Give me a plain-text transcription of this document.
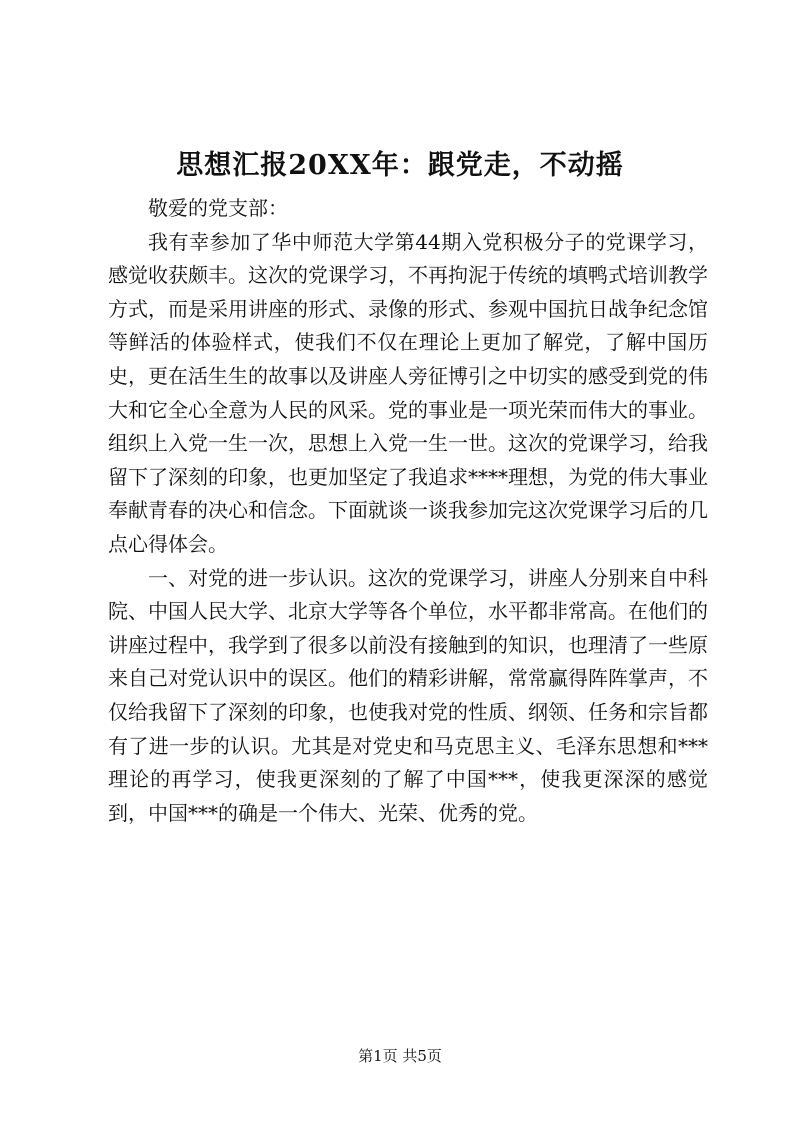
思想汇报20XX年：跟党走，不动摇

敬爱的党支部：

我有幸参加了华中师范大学第44期入党积极分子的党课学习，感觉收获颇丰。这次的党课学习，不再拘泥于传统的填鸭式培训教学方式，而是采用讲座的形式、录像的形式、参观中国抗日战争纪念馆等鲜活的体验样式，使我们不仅在理论上更加了解党，了解中国历史，更在活生生的故事以及讲座人旁征博引之中切实的感受到党的伟大和它全心全意为人民的风采。党的事业是一项光荣而伟大的事业。组织上入党一生一次，思想上入党一生一世。这次的党课学习，给我留下了深刻的印象，也更加坚定了我追求****理想，为党的伟大事业奉献青春的决心和信念。下面就谈一谈我参加完这次党课学习后的几点心得体会。

一、对党的进一步认识。这次的党课学习，讲座人分别来自中科院、中国人民大学、北京大学等各个单位，水平都非常高。在他们的讲座过程中，我学到了很多以前没有接触到的知识，也理清了一些原来自己对党认识中的误区。他们的精彩讲解，常常赢得阵阵掌声，不仅给我留下了深刻的印象，也使我对党的性质、纲领、任务和宗旨都有了进一步的认识。尤其是对党史和马克思主义、毛泽东思想和***理论的再学习，使我更深刻的了解了中国***，使我更深深的感觉到，中国***的确是一个伟大、光荣、优秀的党。

第1页 共5页
